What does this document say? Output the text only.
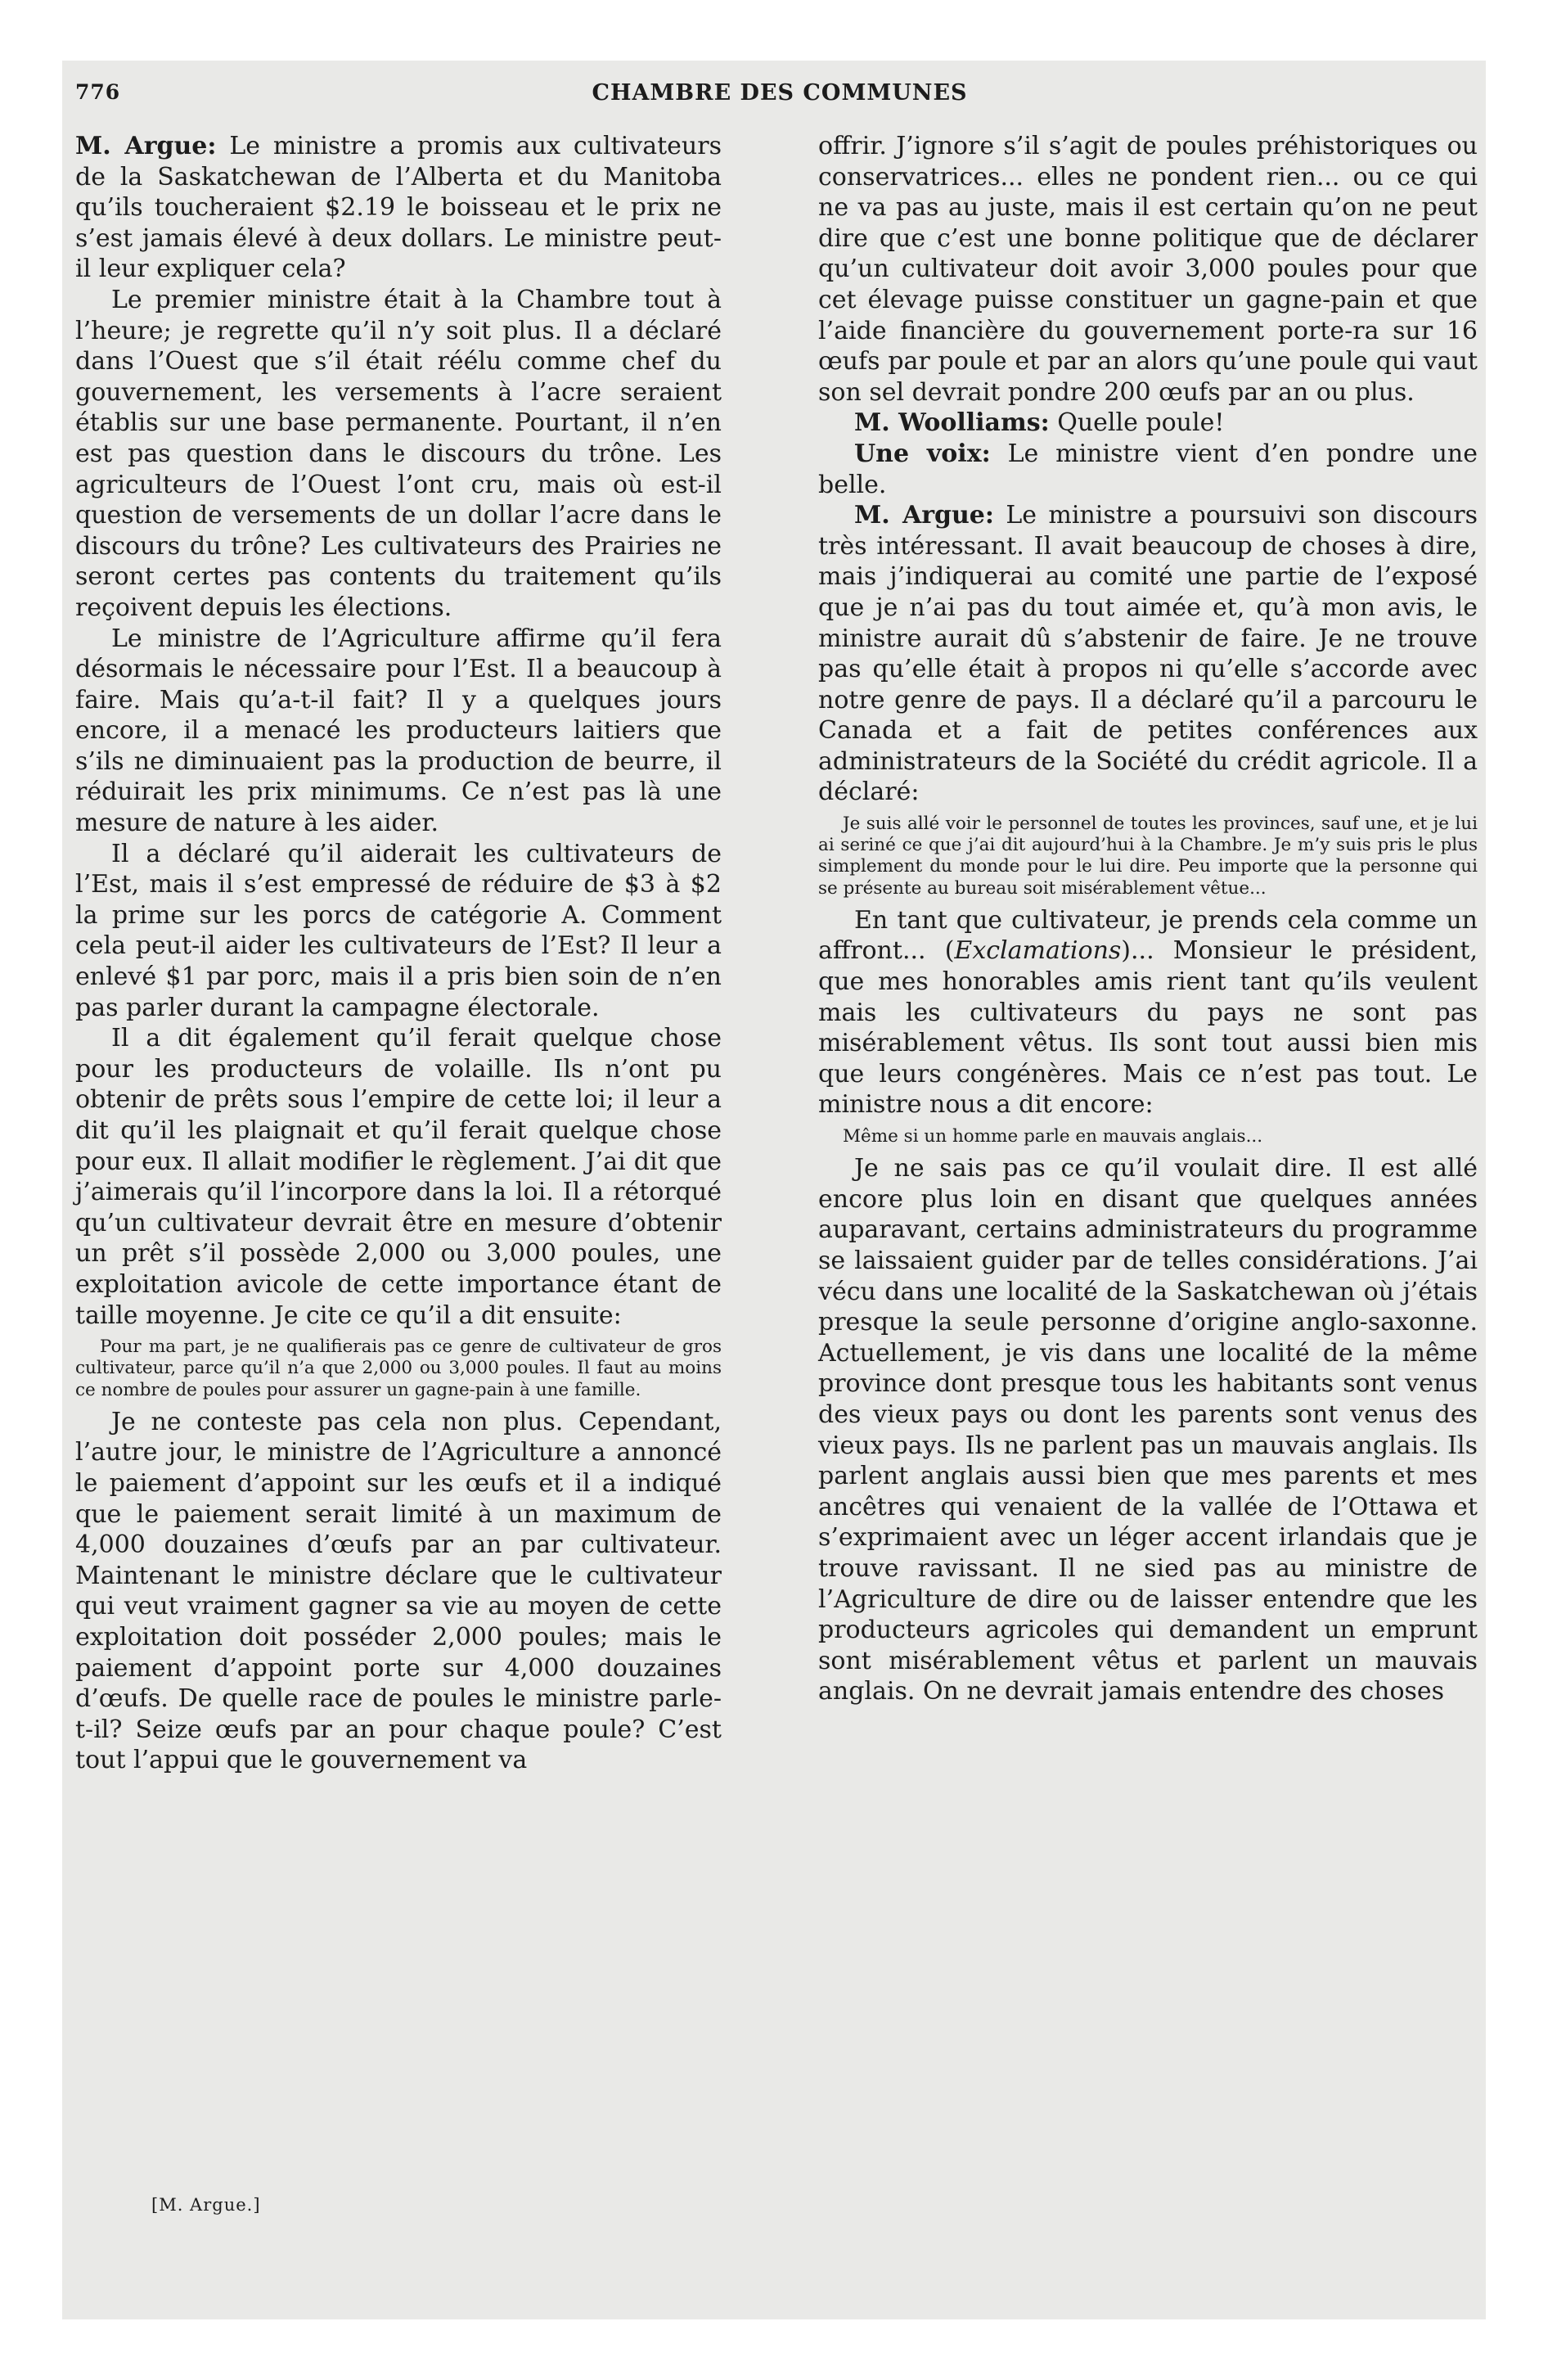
776	CHAMBRE DES COMMUNES

M. Argue: Le ministre a promis aux cultivateurs de la Saskatchewan de l’Alberta et du Manitoba qu’ils toucheraient $2.19 le boisseau et le prix ne s’est jamais élevé à deux dollars. Le ministre peut-il leur expliquer cela?

Le premier ministre était à la Chambre tout à l’heure; je regrette qu’il n’y soit plus. Il a déclaré dans l’Ouest que s’il était réélu comme chef du gouvernement, les versements à l’acre seraient établis sur une base permanente. Pourtant, il n’en est pas question dans le discours du trône. Les agriculteurs de l’Ouest l’ont cru, mais où est-il question de versements de un dollar l’acre dans le discours du trône? Les cultivateurs des Prairies ne seront certes pas contents du traitement qu’ils reçoivent depuis les élections.

Le ministre de l’Agriculture affirme qu’il fera désormais le nécessaire pour l’Est. Il a beaucoup à faire. Mais qu’a-t-il fait? Il y a quelques jours encore, il a menacé les producteurs laitiers que s’ils ne diminuaient pas la production de beurre, il réduirait les prix minimums. Ce n’est pas là une mesure de nature à les aider.

Il a déclaré qu’il aiderait les cultivateurs de l’Est, mais il s’est empressé de réduire de $3 à $2 la prime sur les porcs de catégorie A. Comment cela peut-il aider les cultivateurs de l’Est? Il leur a enlevé $1 par porc, mais il a pris bien soin de n’en pas parler durant la campagne électorale.

Il a dit également qu’il ferait quelque chose pour les producteurs de volaille. Ils n’ont pu obtenir de prêts sous l’empire de cette loi; il leur a dit qu’il les plaignait et qu’il ferait quelque chose pour eux. Il allait modifier le règlement. J’ai dit que j’aimerais qu’il l’incorpore dans la loi. Il a rétorqué qu’un cultivateur devrait être en mesure d’obtenir un prêt s’il possède 2,000 ou 3,000 poules, une exploitation avicole de cette importance étant de taille moyenne. Je cite ce qu’il a dit ensuite:

Pour ma part, je ne qualifierais pas ce genre de cultivateur de gros cultivateur, parce qu’il n’a que 2,000 ou 3,000 poules. Il faut au moins ce nombre de poules pour assurer un gagne-pain à une famille.

Je ne conteste pas cela non plus. Cependant, l’autre jour, le ministre de l’Agriculture a annoncé le paiement d’appoint sur les œufs et il a indiqué que le paiement serait limité à un maximum de 4,000 douzaines d’œufs par an par cultivateur. Maintenant le ministre déclare que le cultivateur qui veut vraiment gagner sa vie au moyen de cette exploitation doit posséder 2,000 poules; mais le paiement d’appoint porte sur 4,000 douzaines d’œufs. De quelle race de poules le ministre parle-t-il? Seize œufs par an pour chaque poule? C’est tout l’appui que le gouvernement va

[M. Argue.]

offrir. J’ignore s’il s’agit de poules préhistoriques ou conservatrices... elles ne pondent rien... ou ce qui ne va pas au juste, mais il est certain qu’on ne peut dire que c’est une bonne politique que de déclarer qu’un cultivateur doit avoir 3,000 poules pour que cet élevage puisse constituer un gagne-pain et que l’aide financière du gouvernement porte-ra sur 16 œufs par poule et par an alors qu’une poule qui vaut son sel devrait pondre 200 œufs par an ou plus.

M. Woolliams: Quelle poule!

Une voix: Le ministre vient d’en pondre une belle.

M. Argue: Le ministre a poursuivi son discours très intéressant. Il avait beaucoup de choses à dire, mais j’indiquerai au comité une partie de l’exposé que je n’ai pas du tout aimée et, qu’à mon avis, le ministre aurait dû s’abstenir de faire. Je ne trouve pas qu’elle était à propos ni qu’elle s’accorde avec notre genre de pays. Il a déclaré qu’il a parcouru le Canada et a fait de petites conférences aux administrateurs de la Société du crédit agricole. Il a déclaré:

Je suis allé voir le personnel de toutes les provinces, sauf une, et je lui ai seriné ce que j’ai dit aujourd’hui à la Chambre. Je m’y suis pris le plus simplement du monde pour le lui dire. Peu importe que la personne qui se présente au bureau soit misérablement vêtue...

En tant que cultivateur, je prends cela comme un affront... (Exclamations)... Monsieur le président, que mes honorables amis rient tant qu’ils veulent mais les cultivateurs du pays ne sont pas misérablement vêtus. Ils sont tout aussi bien mis que leurs congénères. Mais ce n’est pas tout. Le ministre nous a dit encore:

Même si un homme parle en mauvais anglais...

Je ne sais pas ce qu’il voulait dire. Il est allé encore plus loin en disant que quelques années auparavant, certains administrateurs du programme se laissaient guider par de telles considérations. J’ai vécu dans une localité de la Saskatchewan où j’étais presque la seule personne d’origine anglo-saxonne. Actuellement, je vis dans une localité de la même province dont presque tous les habitants sont venus des vieux pays ou dont les parents sont venus des vieux pays. Ils ne parlent pas un mauvais anglais. Ils parlent anglais aussi bien que mes parents et mes ancêtres qui venaient de la vallée de l’Ottawa et s’exprimaient avec un léger accent irlandais que je trouve ravissant. Il ne sied pas au ministre de l’Agriculture de dire ou de laisser entendre que les producteurs agricoles qui demandent un emprunt sont misérablement vêtus et parlent un mauvais anglais. On ne devrait jamais entendre des choses
